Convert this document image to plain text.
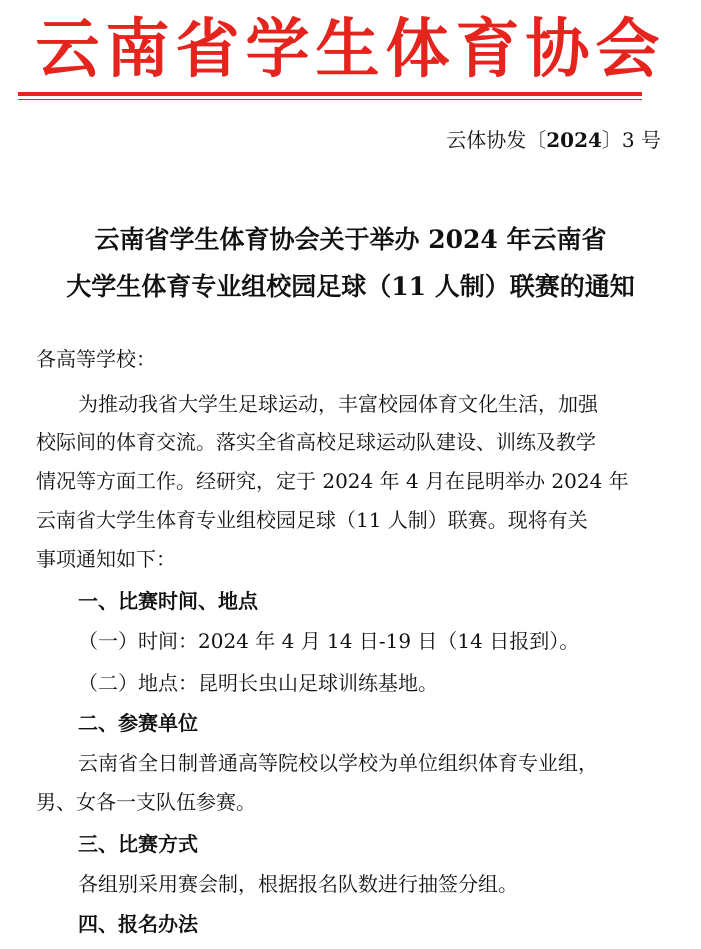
云南省学生体育协会
云体协发〔2024〕3 号
云南省学生体育协会关于举办 2024 年云南省
大学生体育专业组校园足球（11 人制）联赛的通知
各高等学校：
为推动我省大学生足球运动，丰富校园体育文化生活，加强
校际间的体育交流。落实全省高校足球运动队建设、训练及教学
情况等方面工作。经研究，定于 2024 年 4 月在昆明举办 2024 年
云南省大学生体育专业组校园足球（11 人制）联赛。现将有关
事项通知如下：
一、比赛时间、地点
（一）时间：2024 年 4 月 14 日-19 日（14 日报到）。
（二）地点：昆明长虫山足球训练基地。
二、参赛单位
云南省全日制普通高等院校以学校为单位组织体育专业组，
男、女各一支队伍参赛。
三、比赛方式
各组别采用赛会制，根据报名队数进行抽签分组。
四、报名办法
